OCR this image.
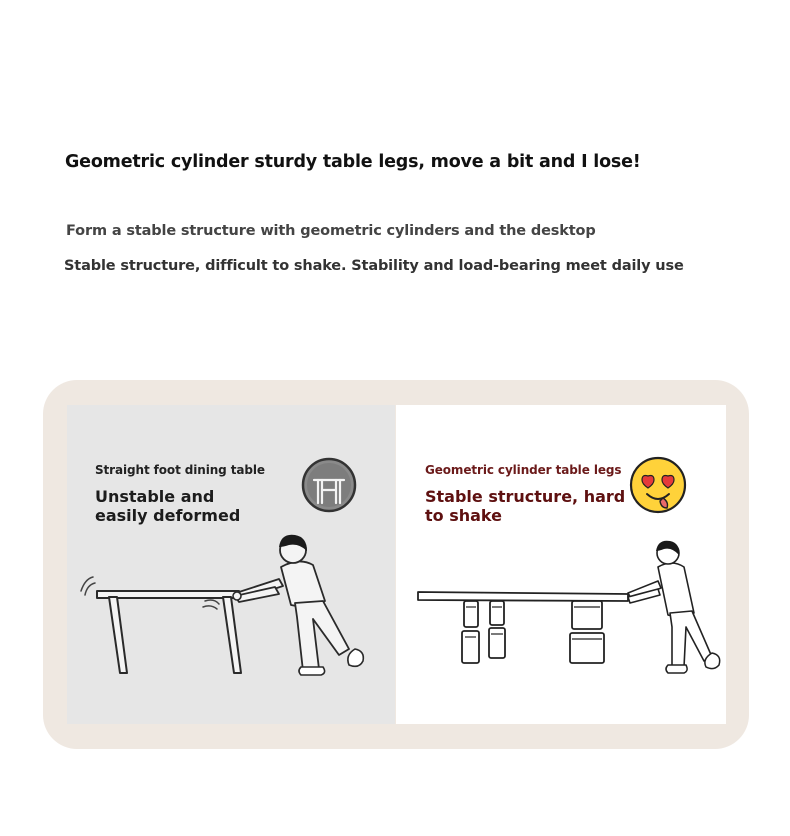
Geometric cylinder sturdy table legs, move a bit and I lose!
Form a stable structure with geometric cylinders and the desktop
Stable structure, difficult to shake. Stability and load-bearing meet daily use
Straight foot dining table
Unstable and
easily deformed
Geometric cylinder table legs
Stable structure, hard
to shake
